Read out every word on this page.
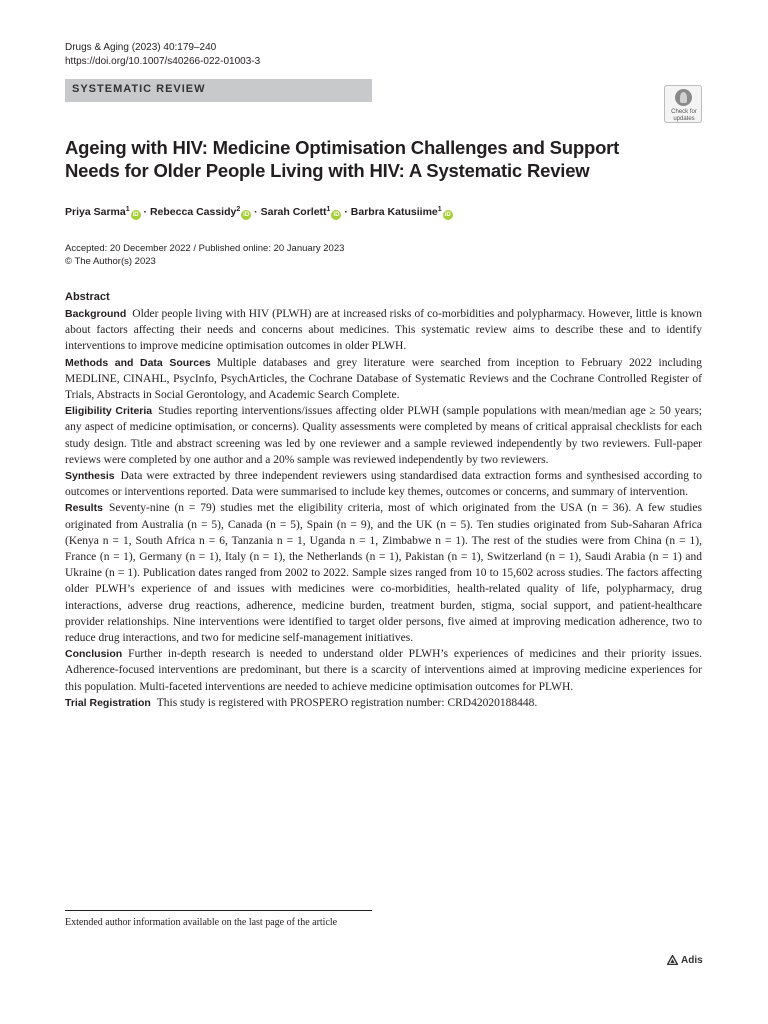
Drugs & Aging (2023) 40:179–240
https://doi.org/10.1007/s40266-022-01003-3
SYSTEMATIC REVIEW
Check for
updates
Ageing with HIV: Medicine Optimisation Challenges and Support Needs for Older People Living with HIV: A Systematic Review
Priya Sarma$^1$iD · Rebecca Cassidy$^2$iD · Sarah Corlett$^1$iD · Barbra Katusiime$^1$iD
Accepted: 20 December 2022 / Published online: 20 January 2023
© The Author(s) 2023
Abstract

Background Older people living with HIV (PLWH) are at increased risks of co-morbidities and polypharmacy. However, little is known about factors affecting their needs and concerns about medicines. This systematic review aims to describe these and to identify interventions to improve medicine optimisation outcomes in older PLWH.

Methods and Data Sources Multiple databases and grey literature were searched from inception to February 2022 including MEDLINE, CINAHL, PsycInfo, PsychArticles, the Cochrane Database of Systematic Reviews and the Cochrane Controlled Register of Trials, Abstracts in Social Gerontology, and Academic Search Complete.

Eligibility Criteria Studies reporting interventions/issues affecting older PLWH (sample populations with mean/median age ≥ 50 years; any aspect of medicine optimisation, or concerns). Quality assessments were completed by means of critical appraisal checklists for each study design. Title and abstract screening was led by one reviewer and a sample reviewed independently by two reviewers. Full-paper reviews were completed by one author and a 20% sample was reviewed independently by two reviewers.

Synthesis Data were extracted by three independent reviewers using standardised data extraction forms and synthesised according to outcomes or interventions reported. Data were summarised to include key themes, outcomes or concerns, and summary of intervention.

Results Seventy-nine (n = 79) studies met the eligibility criteria, most of which originated from the USA (n = 36). A few studies originated from Australia (n = 5), Canada (n = 5), Spain (n = 9), and the UK (n = 5). Ten studies originated from Sub-Saharan Africa (Kenya n = 1, South Africa n = 6, Tanzania n = 1, Uganda n = 1, Zimbabwe n = 1). The rest of the studies were from China (n = 1), France (n = 1), Germany (n = 1), Italy (n = 1), the Netherlands (n = 1), Pakistan (n = 1), Switzerland (n = 1), Saudi Arabia (n = 1) and Ukraine (n = 1). Publication dates ranged from 2002 to 2022. Sample sizes ranged from 10 to 15,602 across studies. The factors affecting older PLWH’s experience of and issues with medicines were co-morbidities, health-related quality of life, polypharmacy, drug interactions, adverse drug reactions, adherence, medicine burden, treatment burden, stigma, social support, and patient-healthcare provider relationships. Nine interventions were identified to target older persons, five aimed at improving medication adherence, two to reduce drug interactions, and two for medicine self-management initiatives.

Conclusion Further in-depth research is needed to understand older PLWH’s experiences of medicines and their priority issues. Adherence-focused interventions are predominant, but there is a scarcity of interventions aimed at improving medicine experiences for this population. Multi-faceted interventions are needed to achieve medicine optimisation outcomes for PLWH.

Trial Registration This study is registered with PROSPERO registration number: CRD42020188448.

Extended author information available on the last page of the article
Adis
